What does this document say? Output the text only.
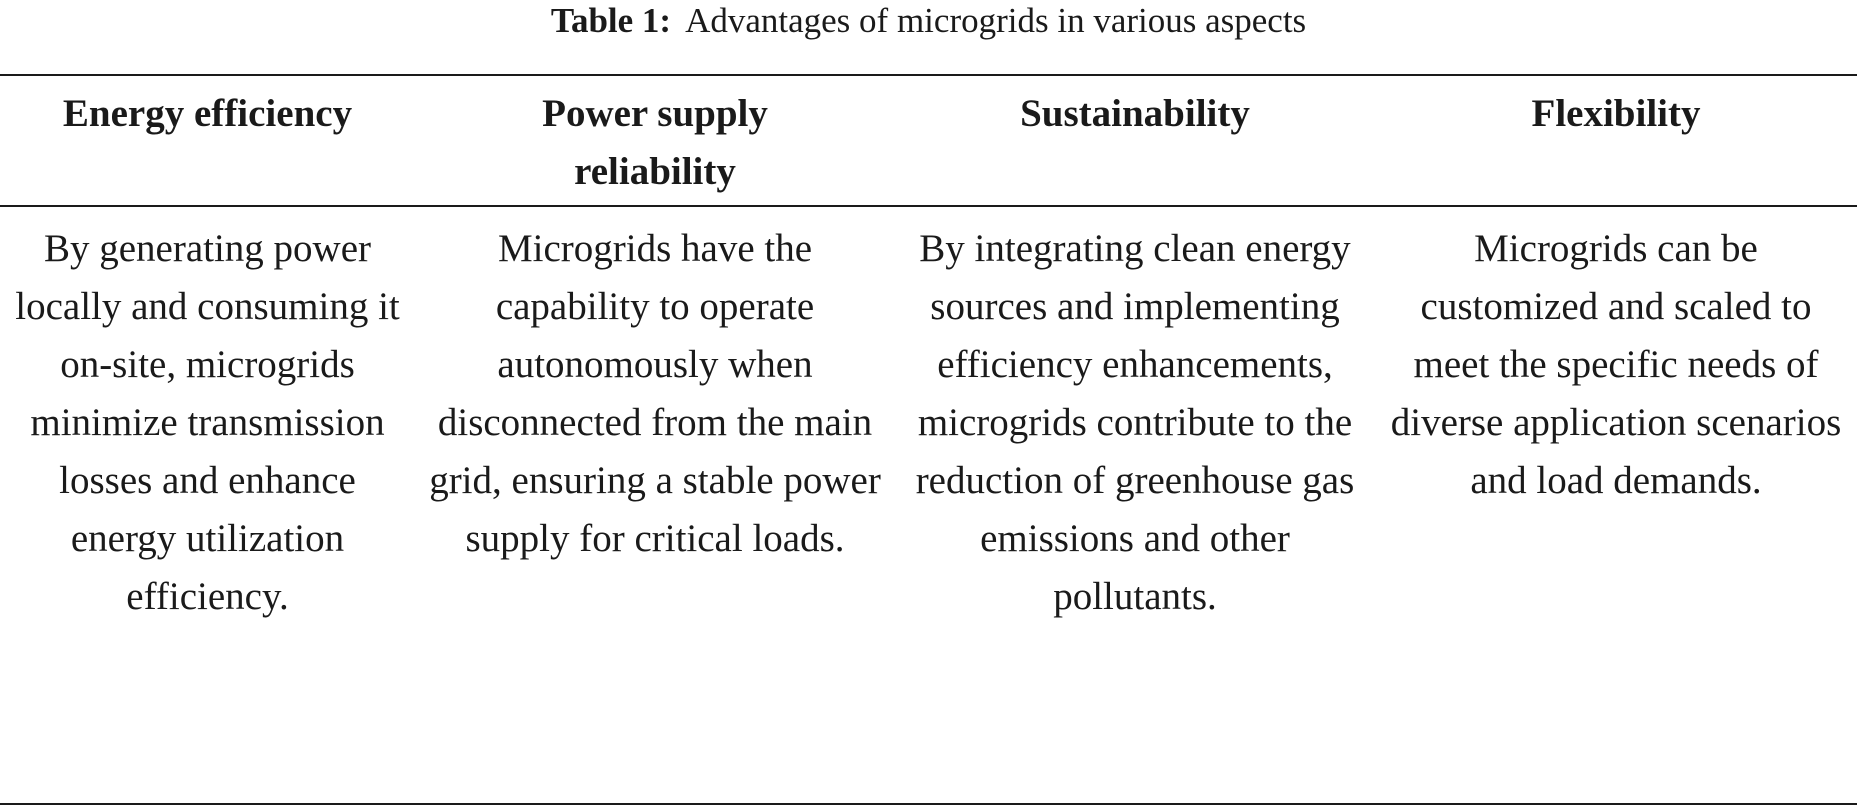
Table 1: Advantages of microgrids in various aspects
Energy efficiency	Power supply reliability
Sustainability	Flexibility
By generating power locally and consuming it on-site, microgrids minimize transmission losses and enhance energy utilization efficiency.
Microgrids have the capability to operate autonomously when disconnected from the main grid, ensuring a stable power supply for critical loads.
By integrating clean energy sources and implementing efficiency enhancements, microgrids contribute to the reduction of greenhouse gas emissions and other pollutants.
Microgrids can be customized and scaled to meet the specific needs of diverse application scenarios and load demands.
